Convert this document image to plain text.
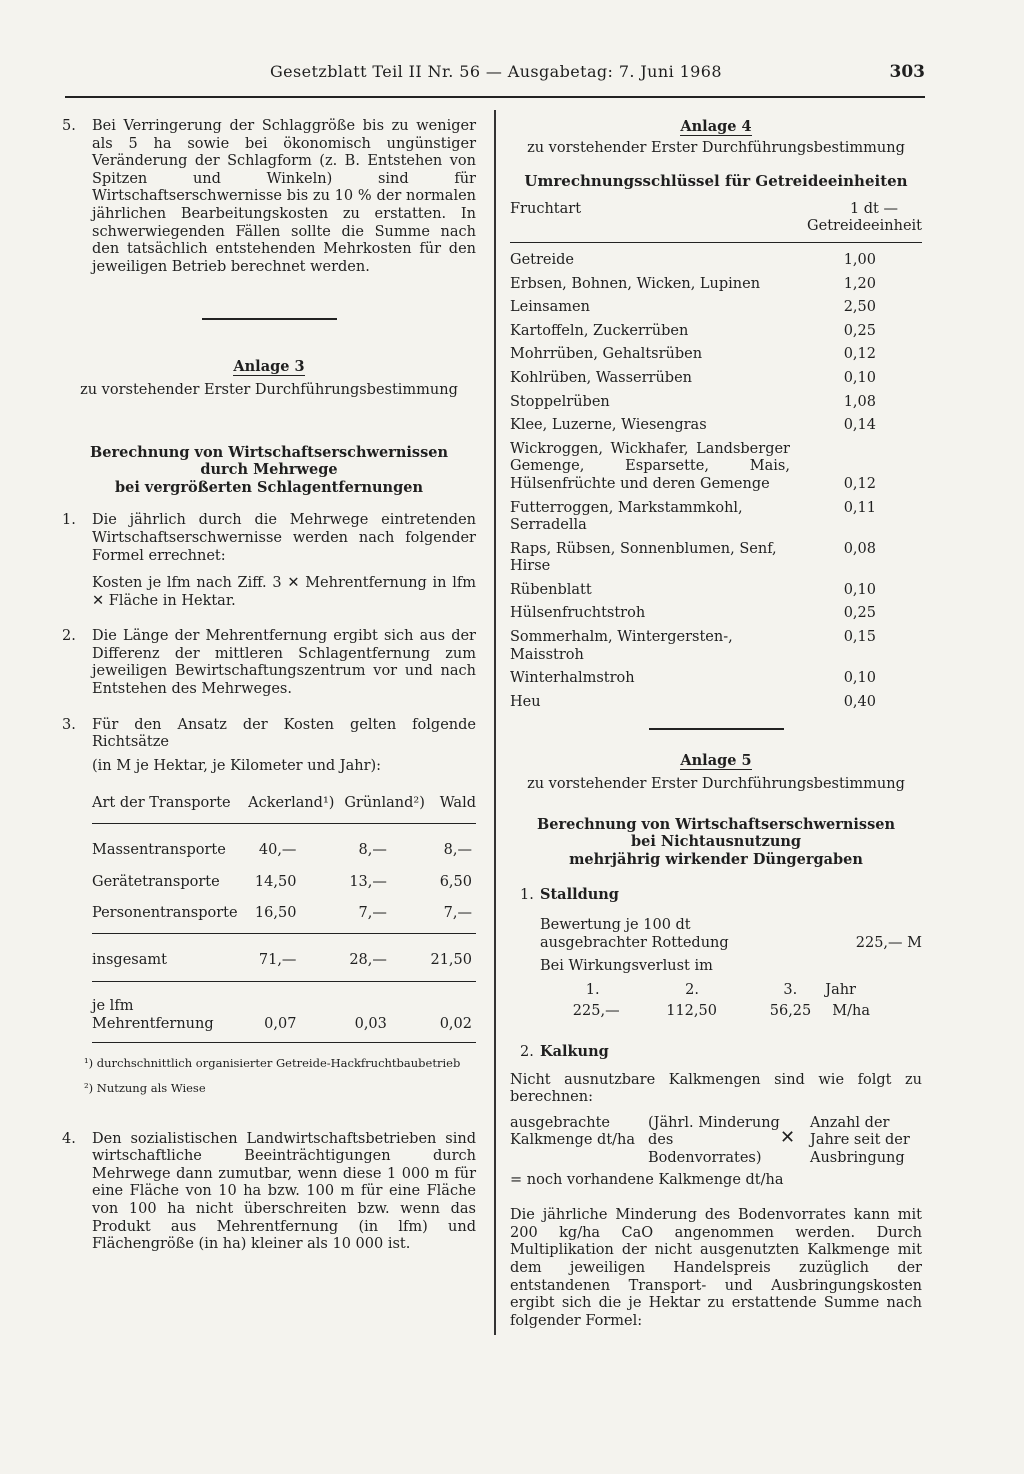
Gesetzblatt Teil II Nr. 56 — Ausgabetag: 7. Juni 1968	303
5.	Bei Verringerung der Schlaggröße bis zu weniger als 5 ha sowie bei ökonomisch ungünstiger Veränderung der Schlagform (z. B. Entstehen von Spitzen und Winkeln) sind für Wirtschaftserschwernisse bis zu 10 % der normalen jährlichen Bearbeitungskosten zu erstatten. In schwerwiegenden Fällen sollte die Summe nach den tatsächlich entstehenden Mehrkosten für den jeweiligen Betrieb berechnet werden.

Anlage 3

zu vorstehender Erster Durchführungsbestimmung

Berechnung von Wirtschaftserschwernissen

durch Mehrwege

bei vergrößerten Schlagentfernungen

1.	Die jährlich durch die Mehrwege eintretenden Wirtschaftserschwernisse werden nach folgender Formel errechnet:

Kosten je lfm nach Ziff. 3 ✕ Mehrentfernung in lfm ✕ Fläche in Hektar.

2.	Die Länge der Mehrentfernung ergibt sich aus der Differenz der mittleren Schlagentfernung zum jeweiligen Bewirtschaftungszentrum vor und nach Entstehen des Mehrweges.
3.	Für den Ansatz der Kosten gelten folgende Richtsätze

(in M je Hektar, je Kilometer und Jahr):

Art der Transporte	Ackerland¹)	Grünland²)	Wald
Massentransporte	40,—	8,—	8,—
Gerätetransporte	14,50	13,—	6,50
Personentransporte	16,50	7,—	7,—
insgesamt	71,—	28,—	21,50
je lfm Mehrentfernung	0,07	0,03	0,02

¹) durchschnittlich organisierter Getreide-Hackfruchtbaubetrieb

²) Nutzung als Wiese

4.	Den sozialistischen Landwirtschaftsbetrieben sind wirtschaftliche Beeinträchtigungen durch Mehrwege dann zumutbar, wenn diese 1 000 m für eine Fläche von 10 ha bzw. 100 m für eine Fläche von 100 ha nicht überschreiten bzw. wenn das Produkt aus Mehrentfernung (in lfm) und Flächengröße (in ha) kleiner als 10 000 ist.

Anlage 4

zu vorstehender Erster Durchführungsbestimmung

Umrechnungsschlüssel für Getreideeinheiten

Fruchtart	1 dt —
Getreideeinheit
Getreide	1,00
Erbsen, Bohnen, Wicken, Lupinen	1,20
Leinsamen	2,50
Kartoffeln, Zuckerrüben	0,25
Mohrrüben, Gehaltsrüben	0,12
Kohlrüben, Wasserrüben	0,10
Stoppelrüben	1,08
Klee, Luzerne, Wiesengras	0,14
Wickroggen, Wickhafer, Landsberger Gemenge, Esparsette, Mais, Hülsenfrüchte und deren Gemenge	0,12
Futterroggen, Markstammkohl, Serradella	0,11
Raps, Rübsen, Sonnenblumen, Senf, Hirse	0,08
Rübenblatt	0,10
Hülsenfruchtstroh	0,25
Sommerhalm, Wintergersten-, Maisstroh	0,15
Winterhalmstroh	0,10
Heu	0,40

Anlage 5

zu vorstehender Erster Durchführungsbestimmung

Berechnung von Wirtschaftserschwernissen

bei Nichtausnutzung

mehrjährig wirkender Düngergaben

1. Stalldung

Bewertung je 100 dt

ausgebrachter Rottedung	225,— M

Bei Wirkungsverlust im

1.	2.	3.	Jahr
225,—	112,50	56,25	M/ha

2. Kalkung

Nicht ausnutzbare Kalkmengen sind wie folgt zu berechnen:

ausgebrachte Kalkmenge dt/ha
(Jährl. Minderung des Bodenvorrates)
✕
Anzahl der Jahre seit der Ausbringung

= noch vorhandene Kalkmenge dt/ha

Die jährliche Minderung des Bodenvorrates kann mit 200 kg/ha CaO angenommen werden. Durch Multiplikation der nicht ausgenutzten Kalkmenge mit dem jeweiligen Handelspreis zuzüglich der entstandenen Transport- und Ausbringungskosten ergibt sich die je Hektar zu erstattende Summe nach folgender Formel:
